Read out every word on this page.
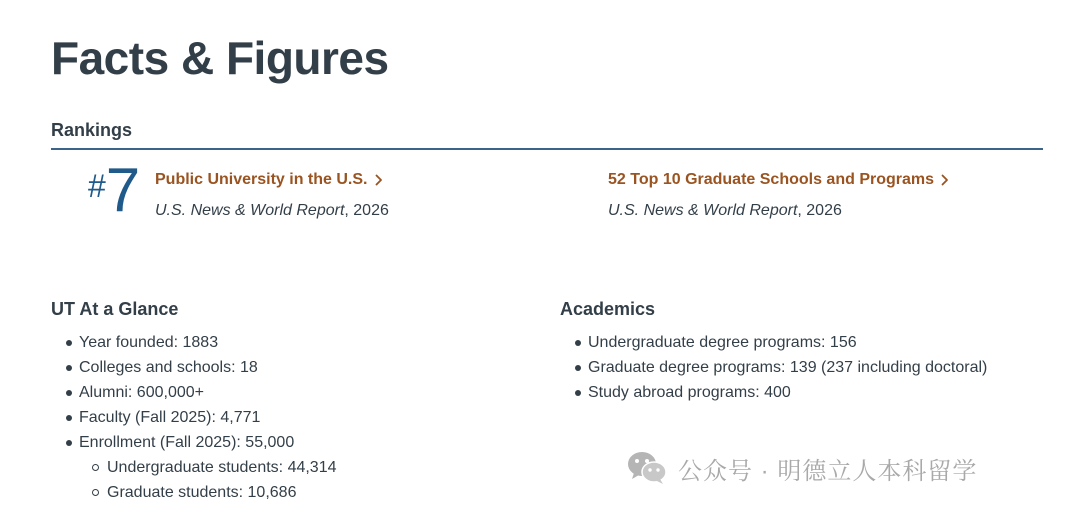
Facts & Figures
Rankings
# 7 Public University in the U.S.
U.S. News & World Report, 2026
52 Top 10 Graduate Schools and Programs
U.S. News & World Report, 2026
UT At a Glance
Year founded: 1883
Colleges and schools: 18
Alumni: 600,000+
Faculty (Fall 2025): 4,771
Enrollment (Fall 2025): 55,000
Undergraduate students: 44,314
Graduate students: 10,686
Academics
Undergraduate degree programs: 156
Graduate degree programs: 139 (237 including doctoral)
Study abroad programs: 400
公众号 · 明德立人本科留学
